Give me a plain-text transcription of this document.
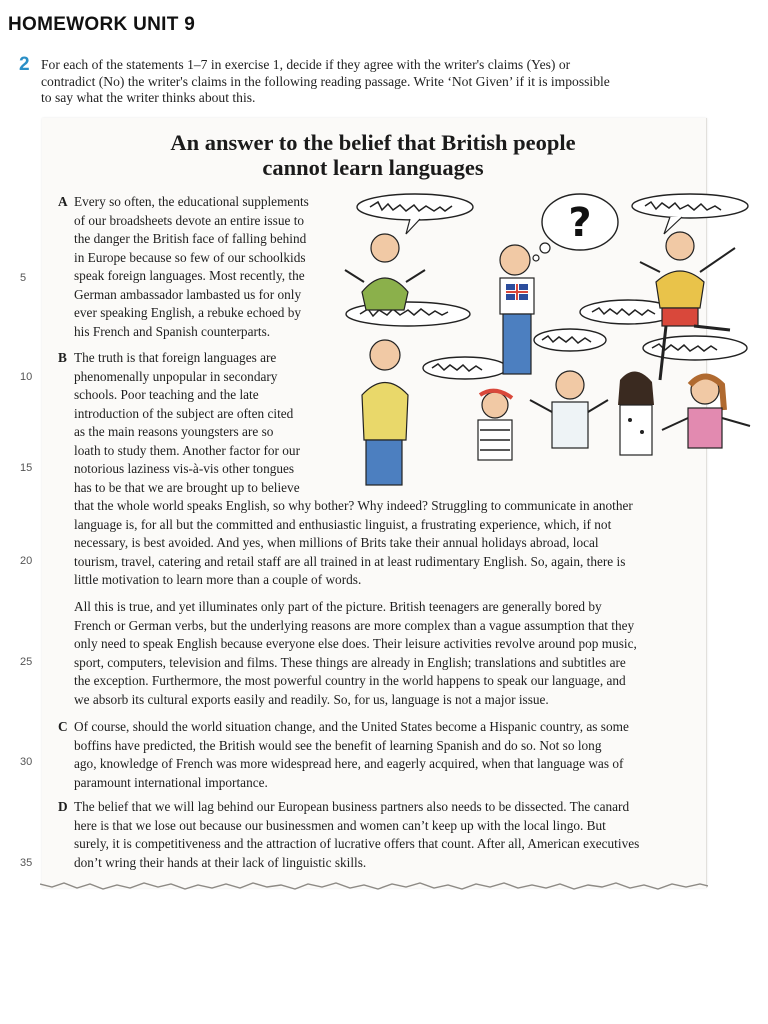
HOMEWORK UNIT 9
2 For each of the statements 1–7 in exercise 1, decide if they agree with the writer's claims (Yes) or contradict (No) the writer's claims in the following reading passage. Write ‘Not Given’ if it is impossible to say what the writer thinks about this.

An answer to the belief that British people
cannot learn languages
A Every so often, the educational supplements
of our broadsheets devote an entire issue to
the danger the British face of falling behind
in Europe because so few of our schoolkids
speak foreign languages. Most recently, the
German ambassador lambasted us for only
ever speaking English, a rebuke echoed by
his French and Spanish counterparts.
B The truth is that foreign languages are
phenomenally unpopular in secondary
schools. Poor teaching and the late
introduction of the subject are often cited
as the main reasons youngsters are so
loath to study them. Another factor for our
notorious laziness vis-à-vis other tongues
has to be that we are brought up to believe
that the whole world speaks English, so why bother? Why indeed? Struggling to communicate in another
language is, for all but the committed and enthusiastic linguist, a frustrating experience, which, if not
necessary, is best avoided. And yes, when millions of Brits take their annual holidays abroad, local
tourism, travel, catering and retail staff are all trained in at least rudimentary English. So, again, there is
little motivation to learn more than a couple of words.
All this is true, and yet illuminates only part of the picture. British teenagers are generally bored by
French or German verbs, but the underlying reasons are more complex than a vague assumption that they
only need to speak English because everyone else does. Their leisure activities revolve around pop music,
sport, computers, television and films. These things are already in English; translations and subtitles are
the exception. Furthermore, the most powerful country in the world happens to speak our language, and
we absorb its cultural exports easily and readily. So, for us, language is not a major issue.
C Of course, should the world situation change, and the United States become a Hispanic country, as some
boffins have predicted, the British would see the benefit of learning Spanish and do so. Not so long
ago, knowledge of French was more widespread here, and eagerly acquired, when that language was of
paramount international importance.
D The belief that we will lag behind our European business partners also needs to be dissected. The canard
here is that we lose out because our businessmen and women can’t keep up with the local lingo. But
surely, it is competitiveness and the attraction of lucrative offers that count. After all, American executives
don’t wring their hands at their lack of linguistic skills.
5
10
15
20
25
30
35
?
